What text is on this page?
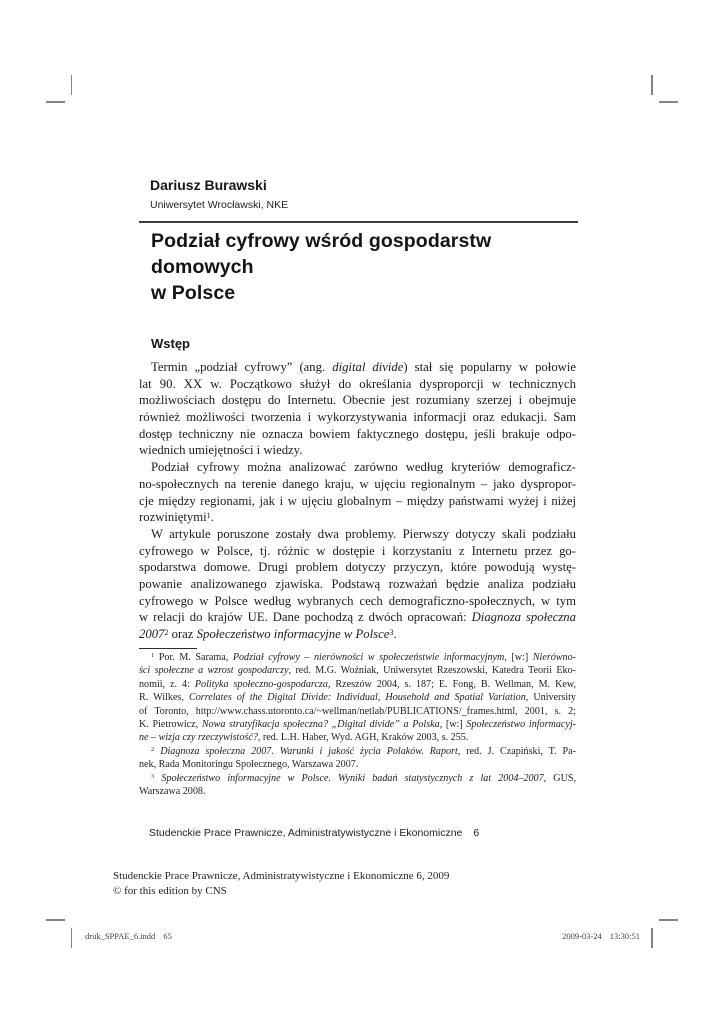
Dariusz Burawski
Uniwersytet Wrocławski, NKE
Podział cyfrowy wśród gospodarstw domowych
w Polsce
Wstęp
Termin „podział cyfrowy” (ang. digital divide) stał się popularny w połowie
lat 90. XX w. Początkowo służył do określania dysproporcji w technicznych
możliwościach dostępu do Internetu. Obecnie jest rozumiany szerzej i obejmuje
również możliwości tworzenia i wykorzystywania informacji oraz edukacji. Sam
dostęp techniczny nie oznacza bowiem faktycznego dostępu, jeśli brakuje odpo-
wiednich umiejętności i wiedzy.
Podział cyfrowy można analizować zarówno według kryteriów demograficz-
no-społecznych na terenie danego kraju, w ujęciu regionalnym – jako dyspropor-
cje między regionami, jak i w ujęciu globalnym – między państwami wyżej i niżej
rozwiniętymi$^1$.
W artykule poruszone zostały dwa problemy. Pierwszy dotyczy skali podziału
cyfrowego w Polsce, tj. różnic w dostępie i korzystaniu z Internetu przez go-
spodarstwa domowe. Drugi problem dotyczy przyczyn, które powodują wystę-
powanie analizowanego zjawiska. Podstawą rozważań będzie analiza podziału
cyfrowego w Polsce według wybranych cech demograficzno-społecznych, w tym
w relacji do krajów UE. Dane pochodzą z dwóch opracowań: Diagnoza społeczna
2007$^2$ oraz Społeczeństwo informacyjne w Polsce$^3$.
$^1$ Por. M. Sarama, Podział cyfrowy – nierówności w społeczeństwie informacyjnym, [w:] Nierówno-
ści społeczne a wzrost gospodarczy, red. M.G. Woźniak, Uniwersytet Rzeszowski, Katedra Teorii Eko-
nomii, z. 4: Polityka społeczno-gospodarcza, Rzeszów 2004, s. 187; E. Fong, B. Wellman, M. Kew,
R. Wilkes, Correlates of the Digital Divide: Individual, Household and Spatial Variation, University
of Toronto, http://www.chass.utoronto.ca/~wellman/netlab/PUBLICATIONS/_frames.html, 2001, s. 2;
K. Pietrowicz, Nowa stratyfikacja społeczna? „Digital divide” a Polska, [w:] Społeczeństwo informacyj-
ne – wizja czy rzeczywistość?, red. L.H. Haber, Wyd. AGH, Kraków 2003, s. 255.
$^2$ Diagnoza społeczna 2007. Warunki i jakość życia Polaków. Raport, red. J. Czapiński, T. Pa-
nek, Rada Monitoringu Społecznego, Warszawa 2007.
$^3$ Społeczeństwo informacyjne w Polsce. Wyniki badań statystycznych z lat 2004–2007, GUS,
Warszawa 2008.
Studenckie Prace Prawnicze, Administratywistyczne i Ekonomiczne 6
Studenckie Prace Prawnicze, Administratywistyczne i Ekonomiczne 6, 2009
© for this edition by CNS
druk_SPPAE_6.indd 65	2009-03-24 13:30:51
